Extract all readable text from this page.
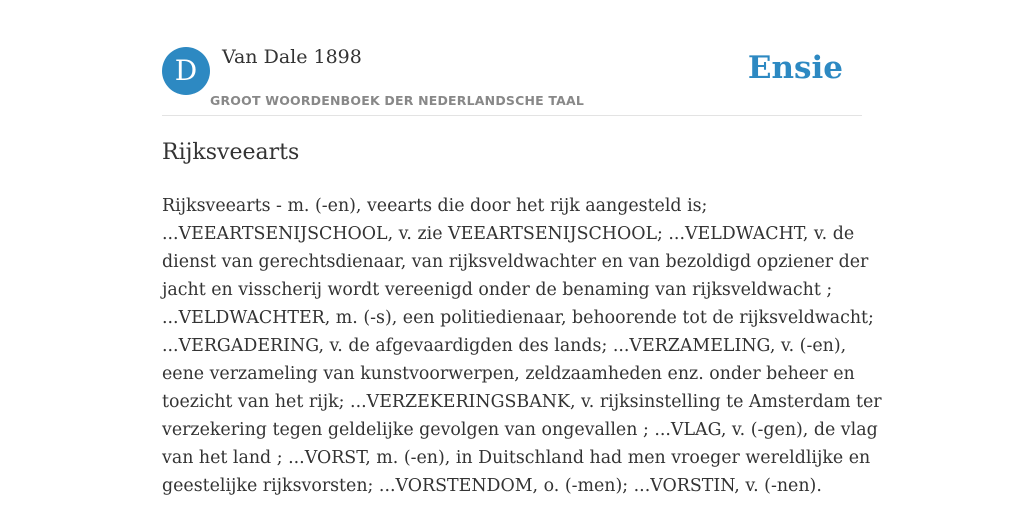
D	Van Dale 1898
GROOT WOORDENBOEK DER NEDERLANDSCHE TAAL
Ensie
Rijksveearts
Rijksveearts - m. (-en), veearts die door het rijk aangesteld is;
...VEEARTSENIJSCHOOL, v. zie VEEARTSENIJSCHOOL; ...VELDWACHT, v. de
dienst van gerechtsdienaar, van rijksveldwachter en van bezoldigd opziener der
jacht en visscherij wordt vereenigd onder de benaming van rijksveldwacht ;
...VELDWACHTER, m. (-s), een politiedienaar, behoorende tot de rijksveldwacht;
...VERGADERING, v. de afgevaardigden des lands; ...VERZAMELING, v. (-en),
eene verzameling van kunstvoorwerpen, zeldzaamheden enz. onder beheer en
toezicht van het rijk; ...VERZEKERINGSBANK, v. rijksinstelling te Amsterdam ter
verzekering tegen geldelijke gevolgen van ongevallen ; ...VLAG, v. (-gen), de vlag
van het land ; ...VORST, m. (-en), in Duitschland had men vroeger wereldlijke en
geestelijke rijksvorsten; ...VORSTENDOM, o. (-men); ...VORSTIN, v. (-nen).
